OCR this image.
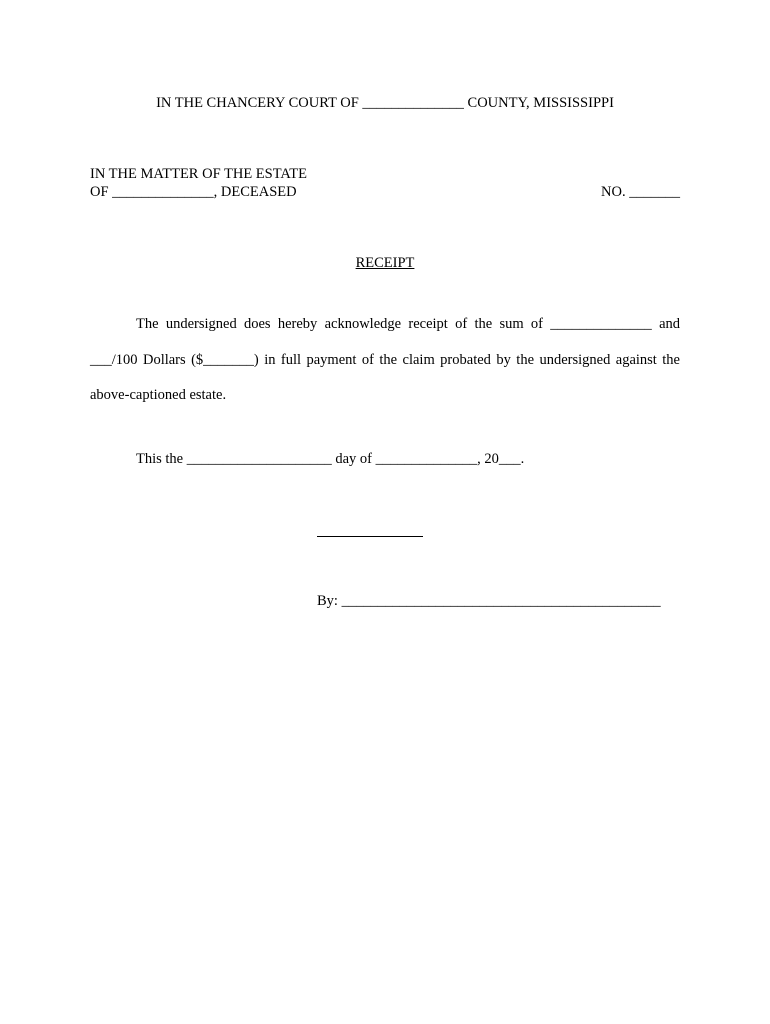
IN THE CHANCERY COURT OF ______________ COUNTY, MISSISSIPPI
IN THE MATTER OF THE ESTATE
OF ______________, DECEASED	NO. _______
RECEIPT
The undersigned does hereby acknowledge receipt of the sum of ______________ and ___/100 Dollars ($_______) in full payment of the claim probated by the undersigned against the above-captioned estate.
This the ____________________ day of ______________, 20___.
By: ____________________________________________
